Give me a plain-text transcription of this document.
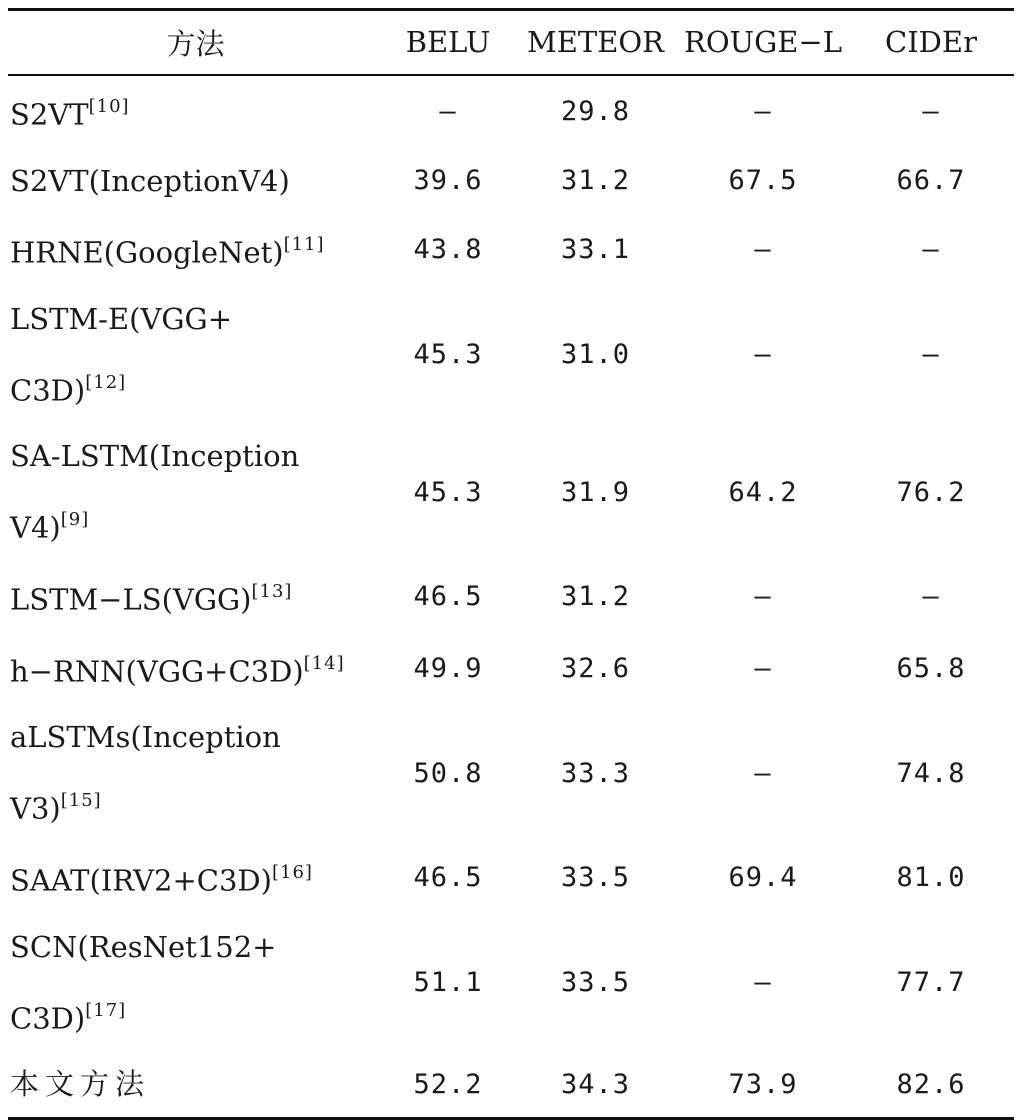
方法	BELU	METEOR	ROUGE−L	CIDEr

S2VT[10]	—	29.8	—	—

S2VT(InceptionV4)	39.6	31.2	67.5	66.7

HRNE(GoogleNet)[11]	43.8	33.1	—	—

LSTM-E(VGG+
C3D)[12]	45.3	31.0	—	—

SA-LSTM(Inception
V4)[9]	45.3	31.9	64.2	76.2

LSTM−LS(VGG)[13]	46.5	31.2	—	—

h−RNN(VGG+C3D)[14]	49.9	32.6	—	65.8

aLSTMs(Inception
V3)[15]	50.8	33.3	—	74.8

SAAT(IRV2+C3D)[16]	46.5	33.5	69.4	81.0

SCN(ResNet152+
C3D)[17]	51.1	33.5	—	77.7

本文方法	52.2	34.3	73.9	82.6
